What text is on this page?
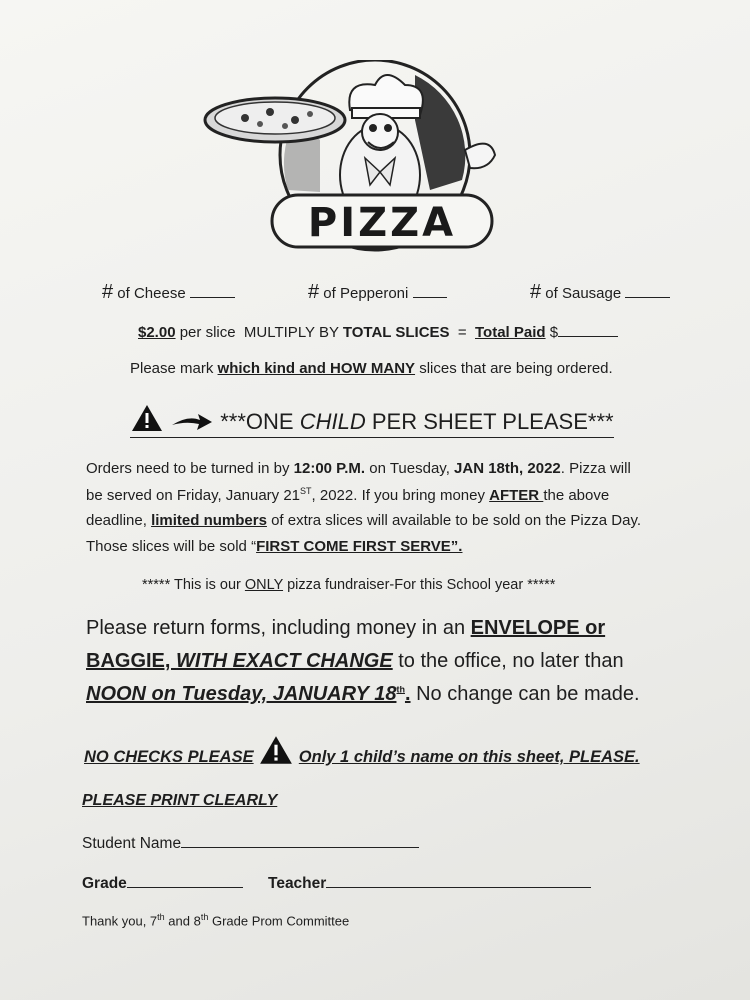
PIZZA
# of Cheese	# of Pepperoni	# of Sausage
$2.00 per slice MULTIPLY BY TOTAL SLICES = Total Paid $
Please mark which kind and HOW MANY slices that are being ordered.
***ONE CHILD PER SHEET PLEASE***
Orders need to be turned in by 12:00 P.M. on Tuesday, JAN 18th, 2022. Pizza will
be served on Friday, January 21ST, 2022. If you bring money AFTER the above
deadline, limited numbers of extra slices will available to be sold on the Pizza Day.
Those slices will be sold “FIRST COME FIRST SERVE”.
***** This is our ONLY pizza fundraiser-For this School year *****
Please return forms, including money in an ENVELOPE or
BAGGIE, WITH EXACT CHANGE to the office, no later than
NOON on Tuesday, JANUARY 18th. No change can be made.
NO CHECKS PLEASE	Only 1 child’s name on this sheet, PLEASE.
PLEASE PRINT CLEARLY
Student Name
Grade	Teacher
Thank you, 7th and 8th Grade Prom Committee
